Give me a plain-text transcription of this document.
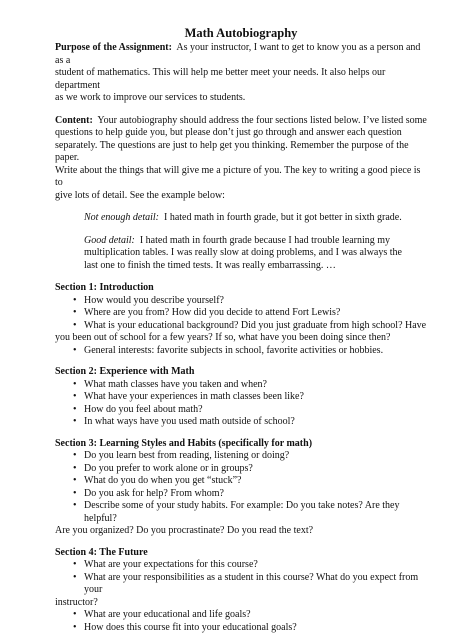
Math Autobiography

Purpose of the Assignment: As your instructor, I want to get to know you as a person and as a
student of mathematics. This will help me better meet your needs. It also helps our department
as we work to improve our services to students.

Content: Your autobiography should address the four sections listed below. I’ve listed some
questions to help guide you, but please don’t just go through and answer each question
separately. The questions are just to help get you thinking. Remember the purpose of the paper.
Write about the things that will give me a picture of you. The key to writing a good piece is to
give lots of detail. See the example below:

Not enough detail: I hated math in fourth grade, but it got better in sixth grade.

Good detail: I hated math in fourth grade because I had trouble learning my
multiplication tables. I was really slow at doing problems, and I was always the
last one to finish the timed tests. It was really embarrassing. …

Section 1: Introduction
• How would you describe yourself?
• Where are you from? How did you decide to attend Fort Lewis?
• What is your educational background? Did you just graduate from high school? Have
you been out of school for a few years? If so, what have you been doing since then?
• General interests: favorite subjects in school, favorite activities or hobbies.
Section 2: Experience with Math
• What math classes have you taken and when?
• What have your experiences in math classes been like?
• How do you feel about math?
• In what ways have you used math outside of school?
Section 3: Learning Styles and Habits (specifically for math)
• Do you learn best from reading, listening or doing?
• Do you prefer to work alone or in groups?
• What do you do when you get “stuck”?
• Do you ask for help? From whom?
• Describe some of your study habits. For example: Do you take notes? Are they helpful?
Are you organized? Do you procrastinate? Do you read the text?
Section 4: The Future
• What are your expectations for this course?
• What are your responsibilities as a student in this course? What do you expect from your
instructor?
• What are your educational and life goals?
• How does this course fit into your educational goals?
